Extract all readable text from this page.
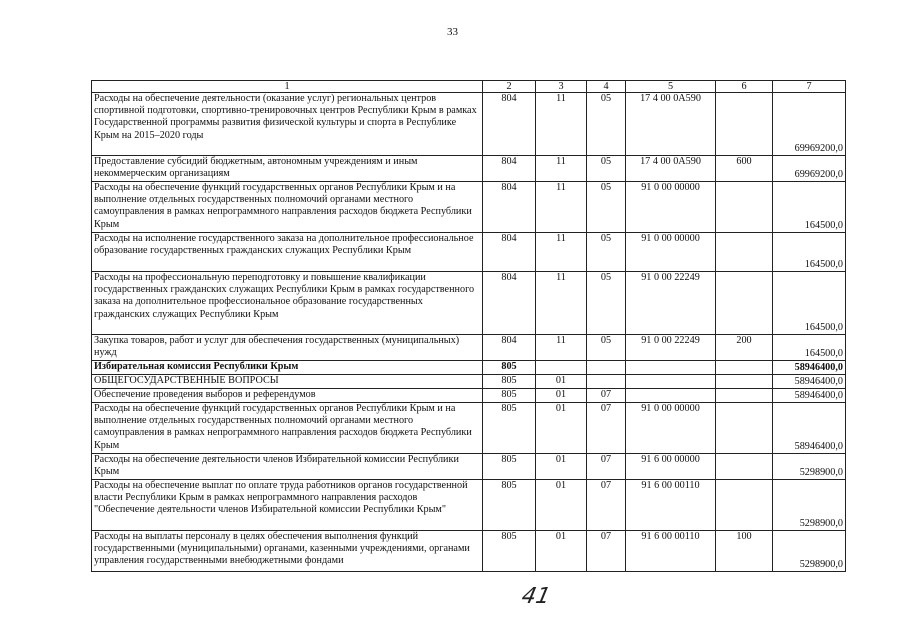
33
1	2	3	4	5	6	7
Расходы на обеспечение деятельности (оказание услуг) региональных центров спортивной подготовки, спортивно-тренировочных центров Республики Крым в рамках Государственной программы развития физической культуры и спорта в Республике Крым на 2015–2020 годы	804	11	05	17 4 00 0А590		69969200,0
Предоставление субсидий бюджетным, автономным учреждениям и иным некоммерческим организациям	804	11	05	17 4 00 0А590	600	69969200,0
Расходы на обеспечение функций государственных органов Республики Крым и на выполнение отдельных государственных полномочий органами местного самоуправления в рамках непрограммного направления расходов бюджета Республики Крым	804	11	05	91 0 00 00000		164500,0
Расходы на исполнение государственного заказа на дополнительное профессиональное образование государственных гражданских служащих Республики Крым	804	11	05	91 0 00 00000		164500,0
Расходы на профессиональную переподготовку и повышение квалификации государственных гражданских служащих Республики Крым в рамках государственного заказа на дополнительное профессиональное образование государственных гражданских служащих Республики Крым	804	11	05	91 0 00 22249		164500,0
Закупка товаров, работ и услуг для обеспечения государственных (муниципальных) нужд	804	11	05	91 0 00 22249	200	164500,0
Избирательная комиссия Республики Крым	805					58946400,0
ОБЩЕГОСУДАРСТВЕННЫЕ ВОПРОСЫ	805	01				58946400,0
Обеспечение проведения выборов и референдумов	805	01	07			58946400,0
Расходы на обеспечение функций государственных органов Республики Крым и на выполнение отдельных государственных полномочий органами местного самоуправления в рамках непрограммного направления расходов бюджета Республики Крым	805	01	07	91 0 00 00000		58946400,0
Расходы на обеспечение деятельности членов Избирательной комиссии Республики Крым	805	01	07	91 6 00 00000		5298900,0
Расходы на обеспечение выплат по оплате труда работников органов государственной власти Республики Крым в рамках непрограммного направления расходов "Обеспечение деятельности членов Избирательной комиссии Республики Крым"	805	01	07	91 6 00 00110		5298900,0
Расходы на выплаты персоналу в целях обеспечения выполнения функций государственными (муниципальными) органами, казенными учреждениями, органами управления государственными внебюджетными фондами	805	01	07	91 6 00 00110	100	5298900,0
41
